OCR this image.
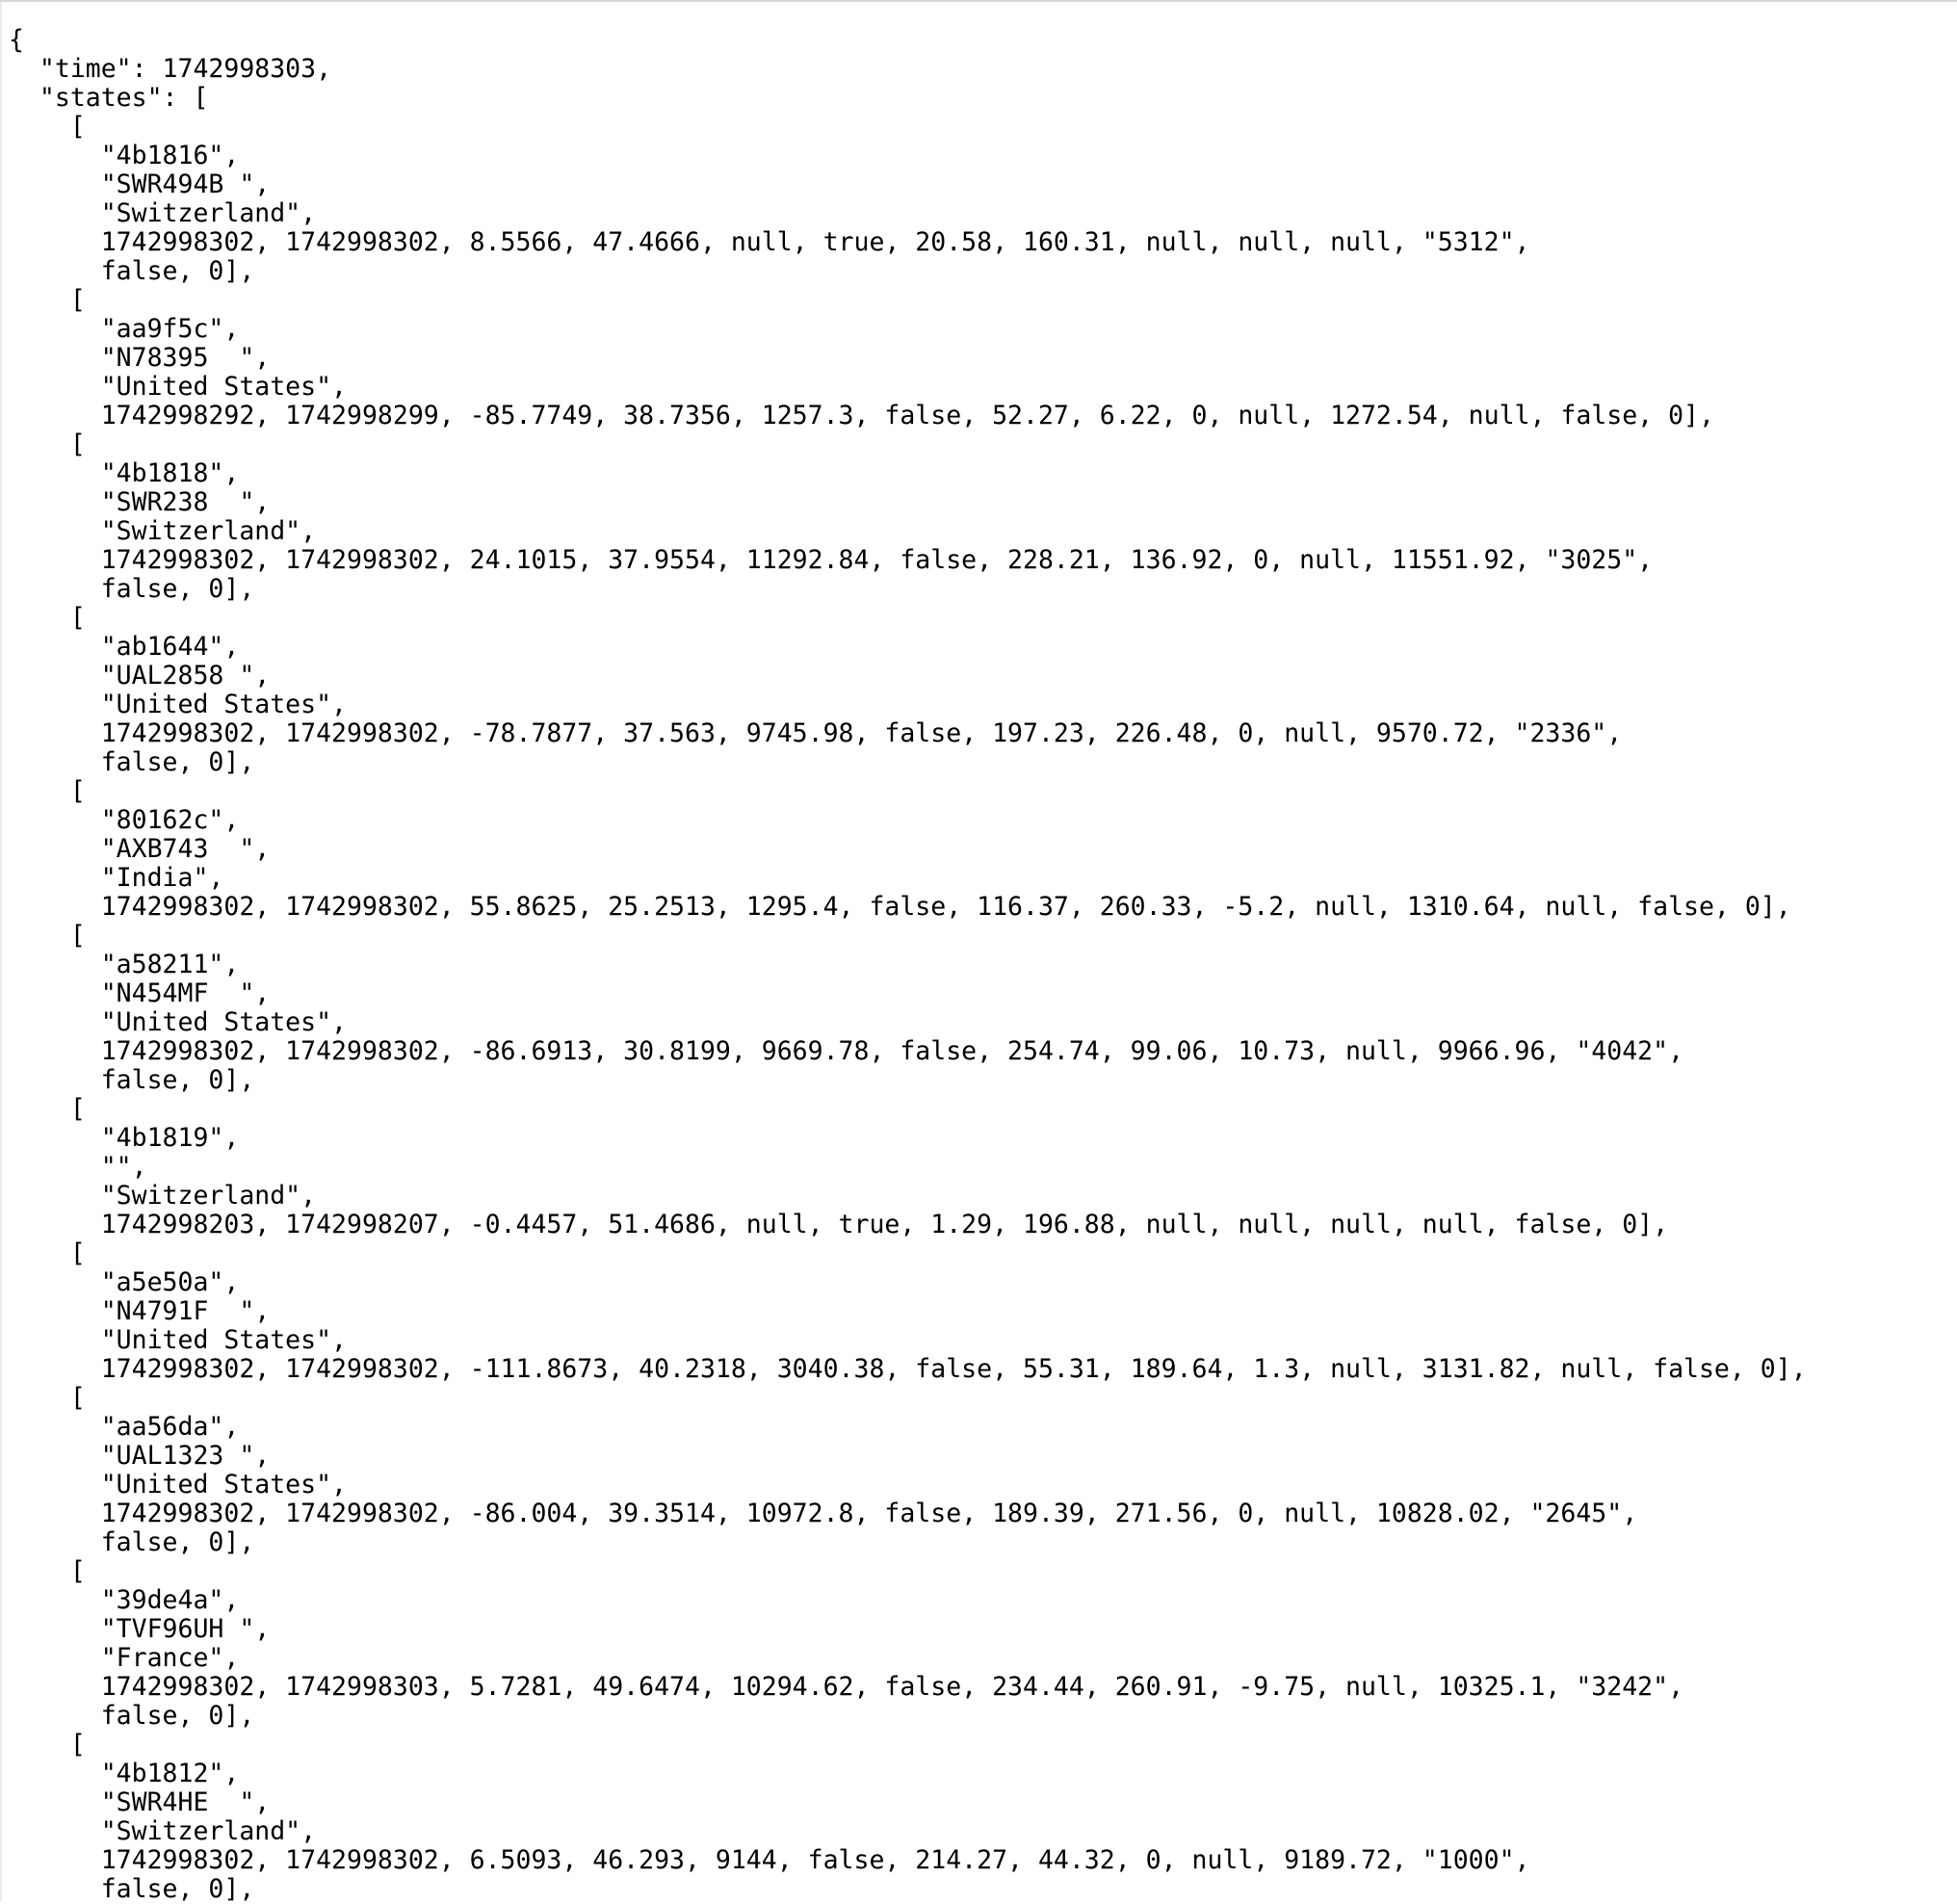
{
"time": 1742998303,
"states": [
[
"4b1816",
"SWR494B ",
"Switzerland",
1742998302, 1742998302, 8.5566, 47.4666, null, true, 20.58, 160.31, null, null, null, "5312",
false, 0],
[
"aa9f5c",
"N78395  ",
"United States",
1742998292, 1742998299, -85.7749, 38.7356, 1257.3, false, 52.27, 6.22, 0, null, 1272.54, null, false, 0],
[
"4b1818",
"SWR238  ",
"Switzerland",
1742998302, 1742998302, 24.1015, 37.9554, 11292.84, false, 228.21, 136.92, 0, null, 11551.92, "3025",
false, 0],
[
"ab1644",
"UAL2858 ",
"United States",
1742998302, 1742998302, -78.7877, 37.563, 9745.98, false, 197.23, 226.48, 0, null, 9570.72, "2336",
false, 0],
[
"80162c",
"AXB743  ",
"India",
1742998302, 1742998302, 55.8625, 25.2513, 1295.4, false, 116.37, 260.33, -5.2, null, 1310.64, null, false, 0],
[
"a58211",
"N454MF  ",
"United States",
1742998302, 1742998302, -86.6913, 30.8199, 9669.78, false, 254.74, 99.06, 10.73, null, 9966.96, "4042",
false, 0],
[
"4b1819",
"",
"Switzerland",
1742998203, 1742998207, -0.4457, 51.4686, null, true, 1.29, 196.88, null, null, null, null, false, 0],
[
"a5e50a",
"N4791F  ",
"United States",
1742998302, 1742998302, -111.8673, 40.2318, 3040.38, false, 55.31, 189.64, 1.3, null, 3131.82, null, false, 0],
[
"aa56da",
"UAL1323 ",
"United States",
1742998302, 1742998302, -86.004, 39.3514, 10972.8, false, 189.39, 271.56, 0, null, 10828.02, "2645",
false, 0],
[
"39de4a",
"TVF96UH ",
"France",
1742998302, 1742998303, 5.7281, 49.6474, 10294.62, false, 234.44, 260.91, -9.75, null, 10325.1, "3242",
false, 0],
[
"4b1812",
"SWR4HE  ",
"Switzerland",
1742998302, 1742998302, 6.5093, 46.293, 9144, false, 214.27, 44.32, 0, null, 9189.72, "1000",
false, 0],
